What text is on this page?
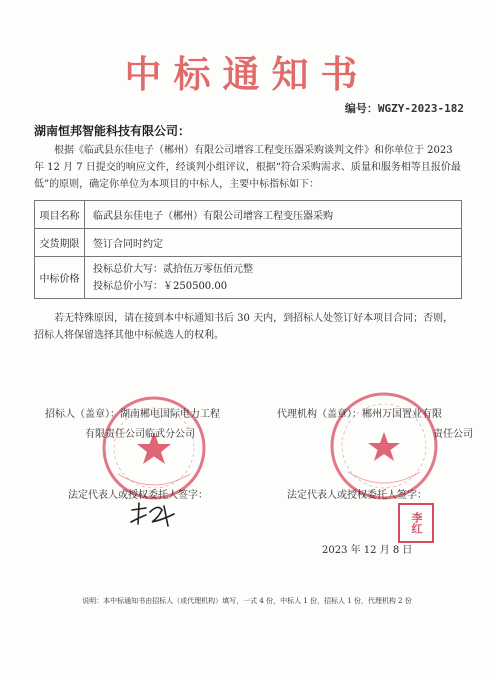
中标通知书
编号：WGZY-2023-182
湖南恒邦智能科技有限公司：
根据《临武县东佳电子（郴州）有限公司增容工程变压器采购谈判文件》和你单位于 2023 年 12 月 7 日提交的响应文件，经谈判小组评议，根据“符合采购需求、质量和服务相等且报价最低”的原则，确定你单位为本项目的中标人，主要中标指标如下：
项目名称	临武县东佳电子（郴州）有限公司增容工程变压器采购
交货期限	签订合同时约定
中标价格	投标总价大写：贰拾伍万零伍佰元整
投标总价小写：￥250500.00
若无特殊原因，请在接到本中标通知书后 30 天内，到招标人处签订好本项目合同；否则，招标人将保留选择其他中标候选人的权利。
招标人（盖章）：湖南郴电国际电力工程
有限责任公司临武分公司
代理机构（盖章）：郴州万国置业有限
责任公司
法定代表人或授权委托人签字：	法定代表人或授权委托人签字：
李红
2023 年 12 月 8 日
说明：本中标通知书由招标人（或代理机构）填写，一式 4 份，中标人 1 份，招标人 1 份，代理机构 2 份
